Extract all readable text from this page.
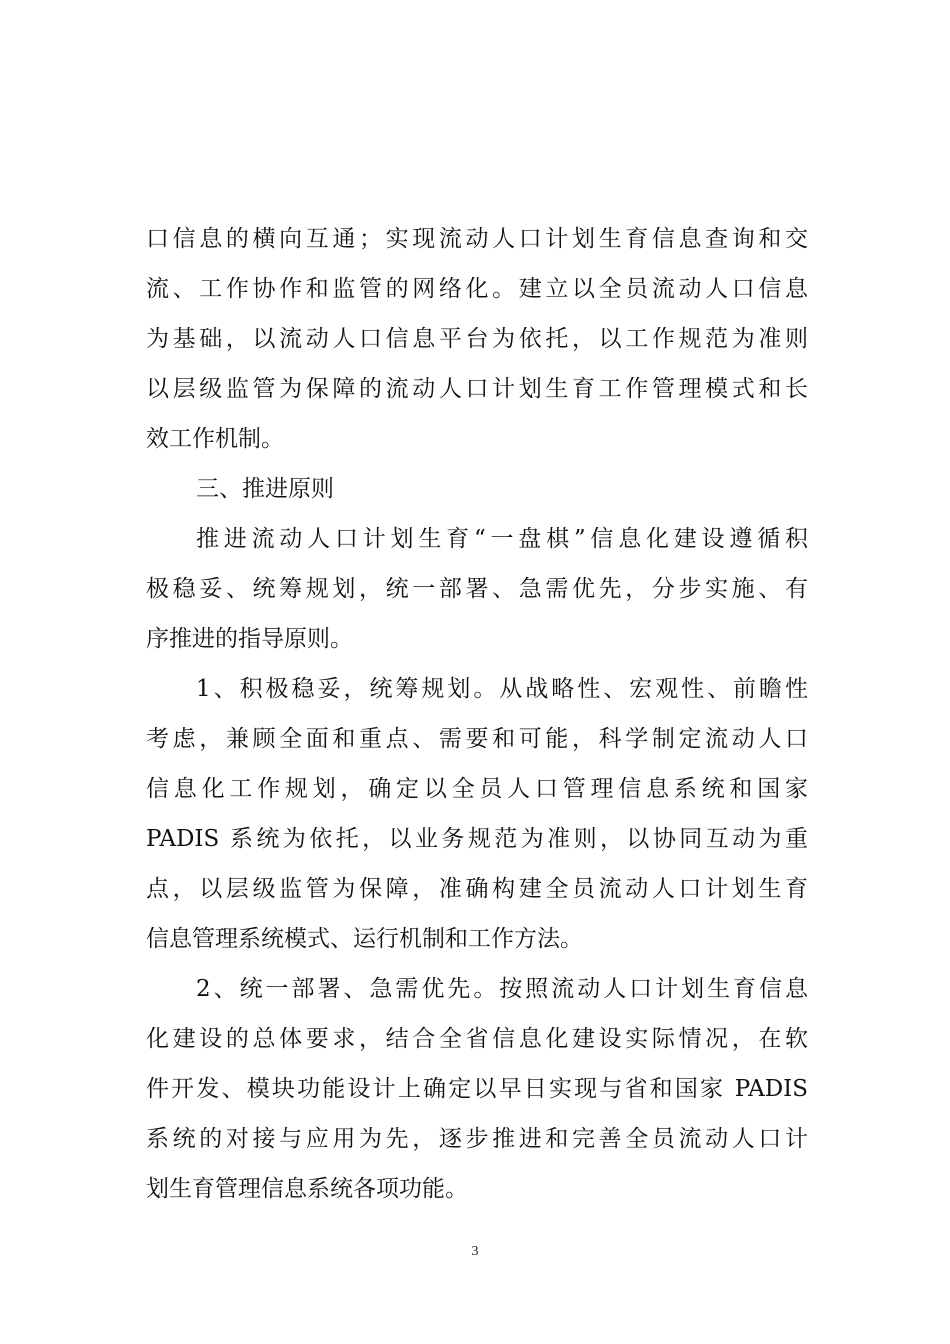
口信息的横向互通；实现流动人口计划生育信息查询和交
流、工作协作和监管的网络化。建立以全员流动人口信息
为基础，以流动人口信息平台为依托，以工作规范为准则
以层级监管为保障的流动人口计划生育工作管理模式和长
效工作机制。
三、推进原则
推进流动人口计划生育“一盘棋”信息化建设遵循积
极稳妥、统筹规划，统一部署、急需优先，分步实施、有
序推进的指导原则。
1、积极稳妥，统筹规划。从战略性、宏观性、前瞻性
考虑，兼顾全面和重点、需要和可能，科学制定流动人口
信息化工作规划，确定以全员人口管理信息系统和国家
PADIS 系统为依托，以业务规范为准则，以协同互动为重
点，以层级监管为保障，准确构建全员流动人口计划生育
信息管理系统模式、运行机制和工作方法。
2、统一部署、急需优先。按照流动人口计划生育信息
化建设的总体要求，结合全省信息化建设实际情况，在软
件开发、模块功能设计上确定以早日实现与省和国家 PADIS
系统的对接与应用为先，逐步推进和完善全员流动人口计
划生育管理信息系统各项功能。
3
